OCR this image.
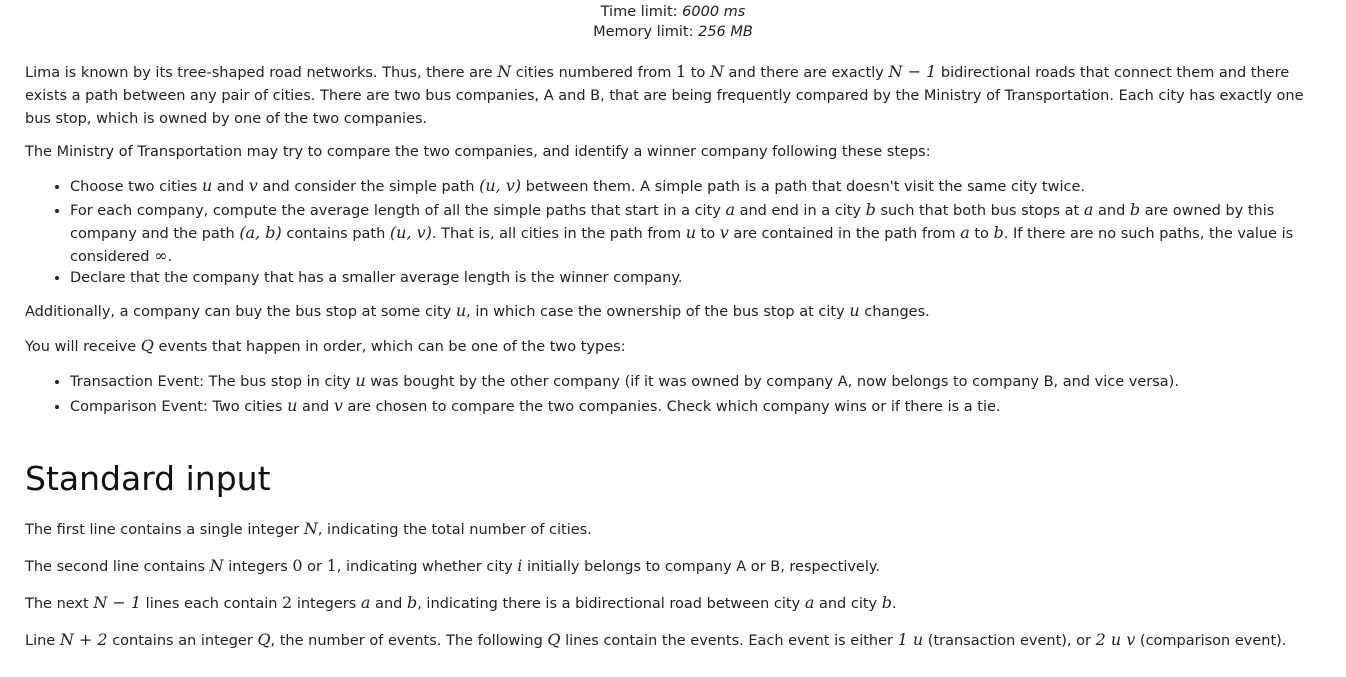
Time limit: 6000 ms
Memory limit: 256 MB

Lima is known by its tree-shaped road networks. Thus, there are N cities numbered from 1 to N and there are exactly N − 1 bidirectional roads that connect them and there exists a path between any pair of cities. There are two bus companies, A and B, that are being frequently compared by the Ministry of Transportation. Each city has exactly one bus stop, which is owned by one of the two companies.

The Ministry of Transportation may try to compare the two companies, and identify a winner company following these steps:

• Choose two cities u and v and consider the simple path (u, v) between them. A simple path is a path that doesn't visit the same city twice.
• For each company, compute the average length of all the simple paths that start in a city a and end in a city b such that both bus stops at a and b are owned by this company and the path (a, b) contains path (u, v). That is, all cities in the path from u to v are contained in the path from a to b. If there are no such paths, the value is considered ∞.
• Declare that the company that has a smaller average length is the winner company.

Additionally, a company can buy the bus stop at some city u, in which case the ownership of the bus stop at city u changes.

You will receive Q events that happen in order, which can be one of the two types:

• Transaction Event: The bus stop in city u was bought by the other company (if it was owned by company A, now belongs to company B, and vice versa).
• Comparison Event: Two cities u and v are chosen to compare the two companies. Check which company wins or if there is a tie.
Standard input

The first line contains a single integer N, indicating the total number of cities.

The second line contains N integers 0 or 1, indicating whether city i initially belongs to company A or B, respectively.

The next N − 1 lines each contain 2 integers a and b, indicating there is a bidirectional road between city a and city b.

Line N + 2 contains an integer Q, the number of events. The following Q lines contain the events. Each event is either 1 u (transaction event), or 2 u v (comparison event).
